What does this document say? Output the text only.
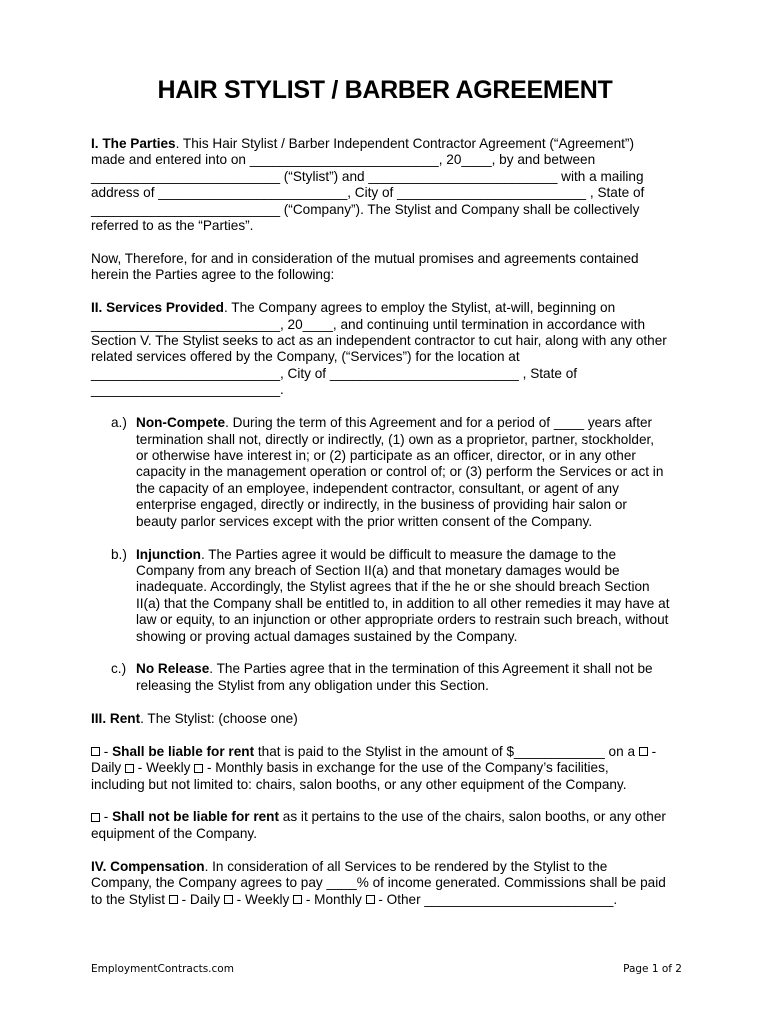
HAIR STYLIST / BARBER AGREEMENT
I. The Parties. This Hair Stylist / Barber Independent Contractor Agreement (“Agreement”)
made and entered into on _________________________, 20____, by and between
_________________________ (“Stylist”) and _________________________ with a mailing
address of _________________________, City of _________________________ , State of
_________________________ (“Company”). The Stylist and Company shall be collectively
referred to as the “Parties”.
Now, Therefore, for and in consideration of the mutual promises and agreements contained
herein the Parties agree to the following:
II. Services Provided. The Company agrees to employ the Stylist, at-will, beginning on
_________________________, 20____, and continuing until termination in accordance with
Section V. The Stylist seeks to act as an independent contractor to cut hair, along with any other
related services offered by the Company, (“Services”) for the location at
_________________________, City of _________________________ , State of
_________________________.
a.) Non-Compete. During the term of this Agreement and for a period of ____ years after
termination shall not, directly or indirectly, (1) own as a proprietor, partner, stockholder,
or otherwise have interest in; or (2) participate as an officer, director, or in any other
capacity in the management operation or control of; or (3) perform the Services or act in
the capacity of an employee, independent contractor, consultant, or agent of any
enterprise engaged, directly or indirectly, in the business of providing hair salon or
beauty parlor services except with the prior written consent of the Company.
b.) Injunction. The Parties agree it would be difficult to measure the damage to the
Company from any breach of Section II(a) and that monetary damages would be
inadequate. Accordingly, the Stylist agrees that if the he or she should breach Section
II(a) that the Company shall be entitled to, in addition to all other remedies it may have at
law or equity, to an injunction or other appropriate orders to restrain such breach, without
showing or proving actual damages sustained by the Company.
c.) No Release. The Parties agree that in the termination of this Agreement it shall not be
releasing the Stylist from any obligation under this Section.
III. Rent. The Stylist: (choose one)
- Shall be liable for rent that is paid to the Stylist in the amount of $____________ on a  -
Daily  - Weekly  - Monthly basis in exchange for the use of the Company’s facilities,
including but not limited to: chairs, salon booths, or any other equipment of the Company.
- Shall not be liable for rent as it pertains to the use of the chairs, salon booths, or any other
equipment of the Company.
IV. Compensation. In consideration of all Services to be rendered by the Stylist to the
Company, the Company agrees to pay ____% of income generated. Commissions shall be paid
to the Stylist  - Daily  - Weekly  - Monthly  - Other _________________________.
EmploymentContracts.com	Page 1 of 2
